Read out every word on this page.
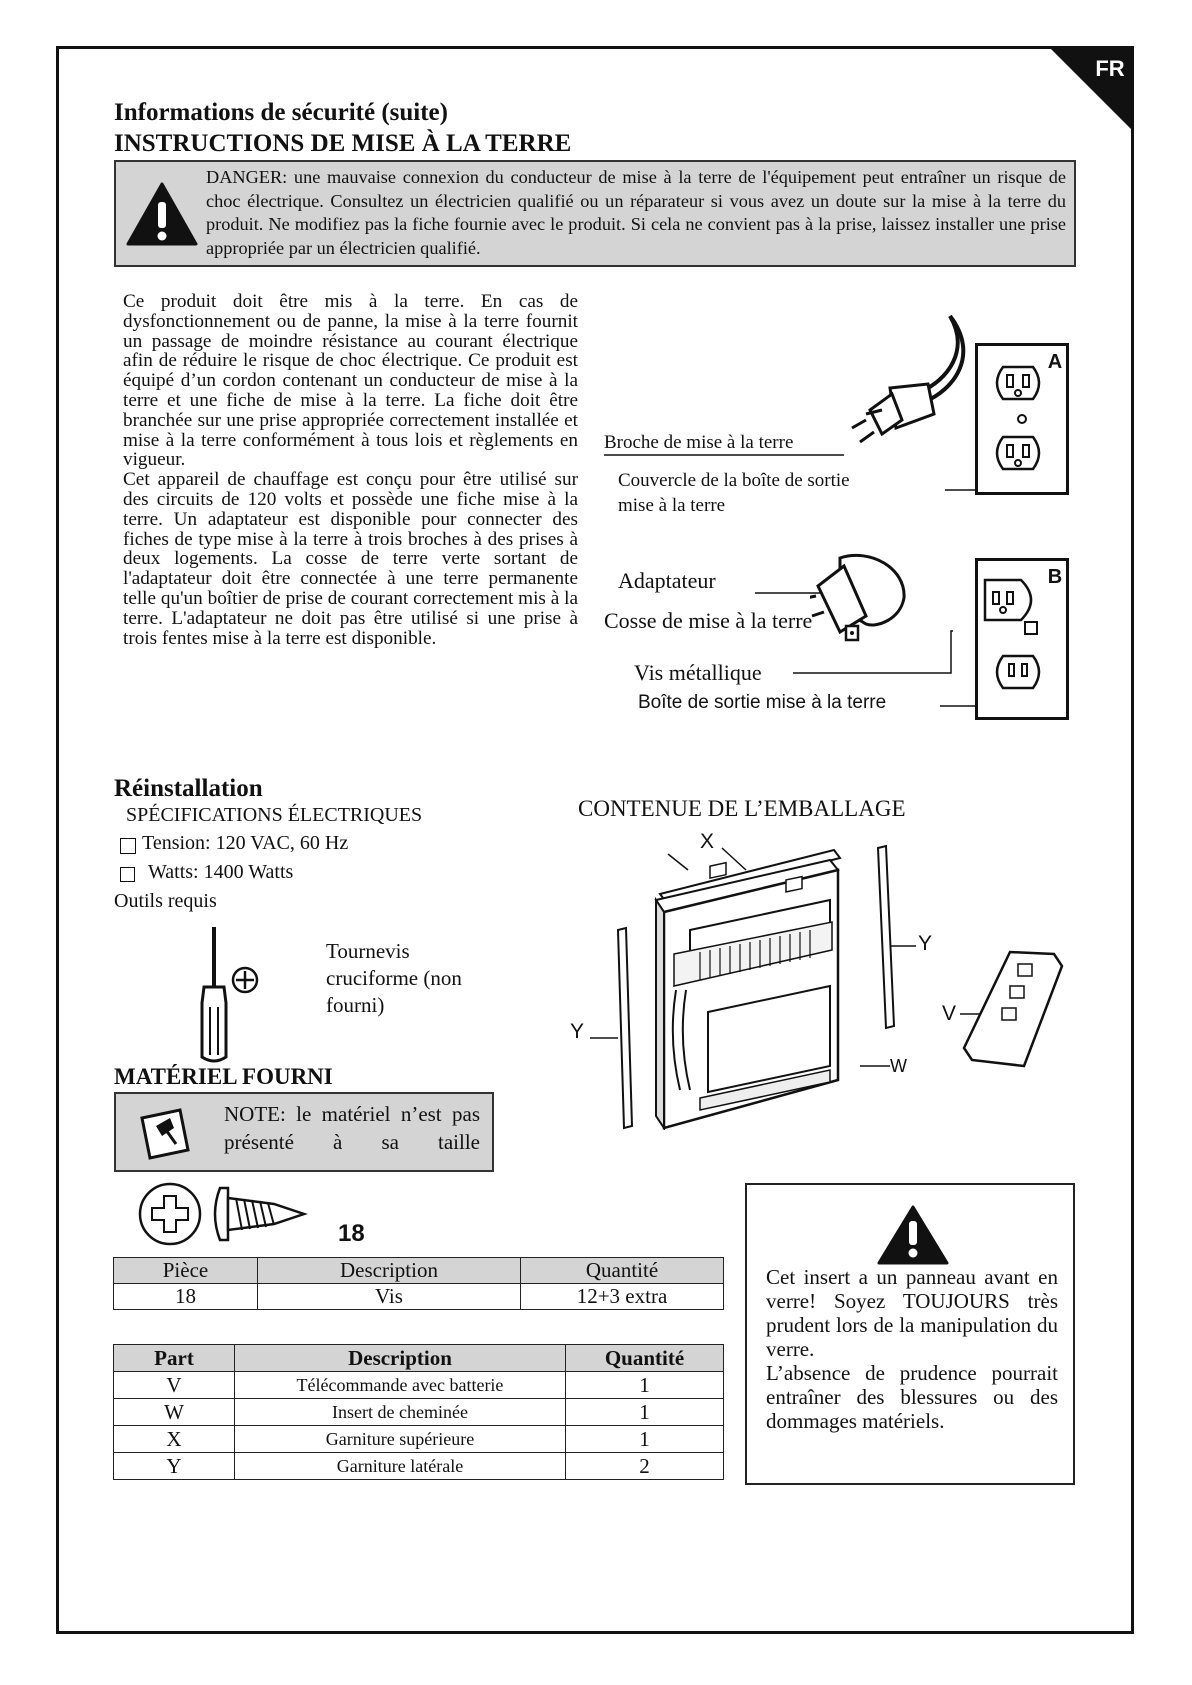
FR
Informations de sécurité (suite)
INSTRUCTIONS DE MISE À LA TERRE
DANGER: une mauvaise connexion du conducteur de mise à la terre de l'équipement peut entraîner un risque de choc électrique. Consultez un électricien qualifié ou un réparateur si vous avez un doute sur la mise à la terre du produit. Ne modifiez pas la fiche fournie avec le produit. Si cela ne convient pas à la prise, laissez installer une prise appropriée par un électricien qualifié.

Ce produit doit être mis à la terre. En cas de dysfonctionnement ou de panne, la mise à la terre fournit un passage de moindre résistance au courant électrique afin de réduire le risque de choc électrique. Ce produit est équipé d’un cordon contenant un conducteur de mise à la terre et une fiche de mise à la terre. La fiche doit être branchée sur une prise appropriée correctement installée et mise à la terre conformément à tous lois et règlements en vigueur.

Cet appareil de chauffage est conçu pour être utilisé sur des circuits de 120 volts et possède une fiche mise à la terre. Un adaptateur est disponible pour connecter des fiches de type mise à la terre à trois broches à des prises à deux logements. La cosse de terre verte sortant de l'adaptateur doit être connectée à une terre permanente telle qu'un boîtier de prise de courant correctement mis à la terre. L'adaptateur ne doit pas être utilisé si une prise à trois fentes mise à la terre est disponible.

Broche de mise à la terre
Couvercle de la boîte de sortie
mise à la terre
A
Adaptateur
Cosse de mise à la terre
Vis métallique
Boîte de sortie mise à la terre
B
Réinstallation
SPÉCIFICATIONS ÉLECTRIQUES
Tension: 120 VAC, 60 Hz
Watts: 1400 Watts
Outils requis
Tournevis cruciforme (non fourni)
MATÉRIEL FOURNI
NOTE: le matériel n’est pas présenté à sa taille
18
Pièce	Description	Quantité
18	Vis	12+3 extra
Part	Description	Quantité
V	Télécommande avec batterie	1
W	Insert de cheminée	1
X	Garniture supérieure	1
Y	Garniture latérale	2
CONTENUE DE L’EMBALLAGE
X
Y
Y
W
V
Cet insert a un panneau avant en verre! Soyez TOUJOURS très prudent lors de la manipulation du verre.
L’absence de prudence pourrait entraîner des blessures ou des dommages matériels.
